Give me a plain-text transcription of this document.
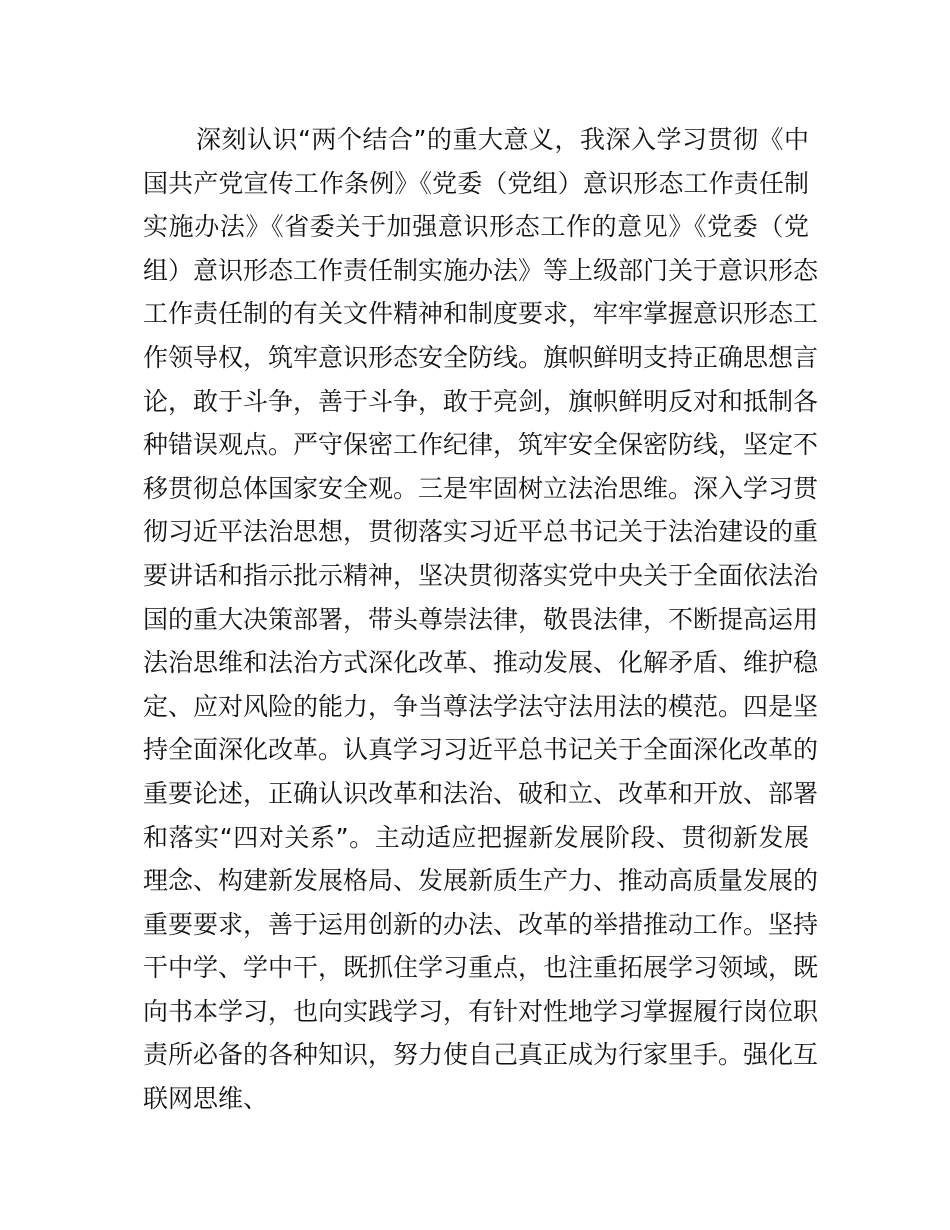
深刻认识“两个结合”的重大意义，我深入学习贯彻《中
国共产党宣传工作条例》《党委（党组）意识形态工作责任制
实施办法》《省委关于加强意识形态工作的意见》《党委（党
组）意识形态工作责任制实施办法》等上级部门关于意识形态
工作责任制的有关文件精神和制度要求，牢牢掌握意识形态工
作领导权，筑牢意识形态安全防线。旗帜鲜明支持正确思想言
论，敢于斗争，善于斗争，敢于亮剑，旗帜鲜明反对和抵制各
种错误观点。严守保密工作纪律，筑牢安全保密防线，坚定不
移贯彻总体国家安全观。三是牢固树立法治思维。深入学习贯
彻习近平法治思想，贯彻落实习近平总书记关于法治建设的重
要讲话和指示批示精神，坚决贯彻落实党中央关于全面依法治
国的重大决策部署，带头尊崇法律，敬畏法律，不断提高运用
法治思维和法治方式深化改革、推动发展、化解矛盾、维护稳
定、应对风险的能力，争当尊法学法守法用法的模范。四是坚
持全面深化改革。认真学习习近平总书记关于全面深化改革的
重要论述，正确认识改革和法治、破和立、改革和开放、部署
和落实“四对关系”。主动适应把握新发展阶段、贯彻新发展
理念、构建新发展格局、发展新质生产力、推动高质量发展的
重要要求，善于运用创新的办法、改革的举措推动工作。坚持
干中学、学中干，既抓住学习重点，也注重拓展学习领域，既
向书本学习，也向实践学习，有针对性地学习掌握履行岗位职
责所必备的各种知识，努力使自己真正成为行家里手。强化互
联网思维、
